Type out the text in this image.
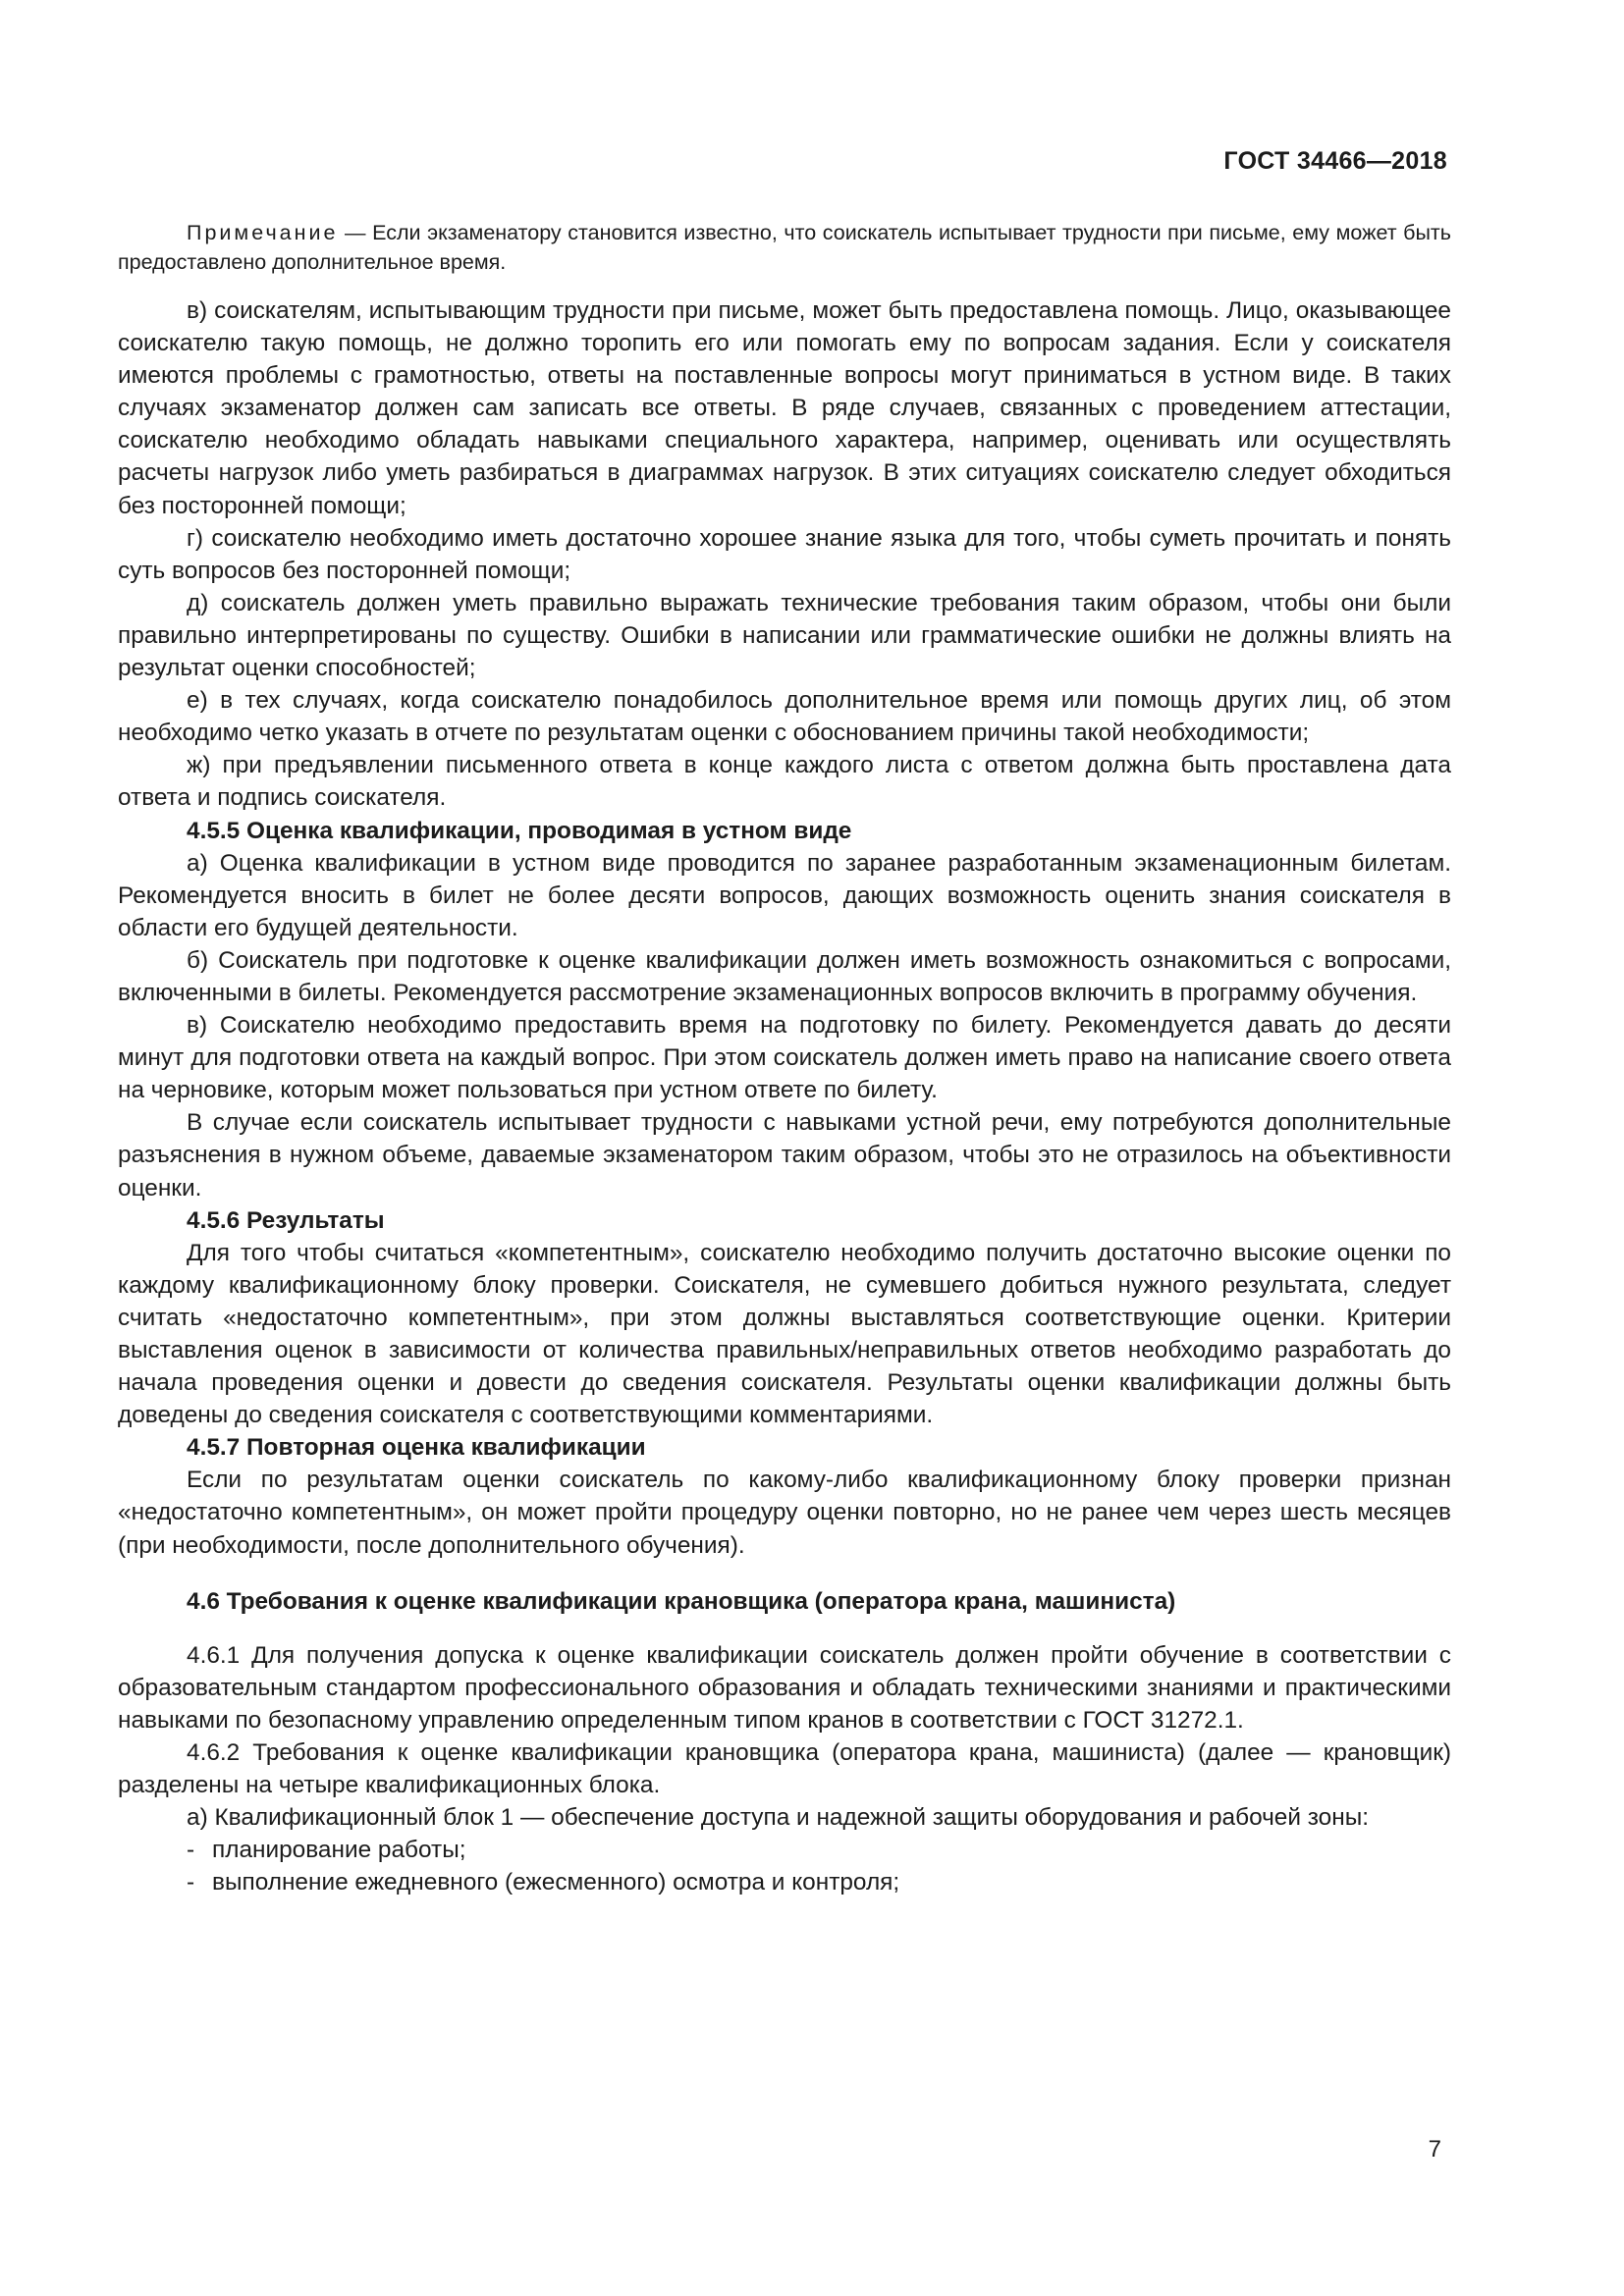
ГОСТ 34466—2018

Примечание — Если экзаменатору становится известно, что соискатель испытывает трудности при письме, ему может быть предоставлено дополнительное время.

в) соискателям, испытывающим трудности при письме, может быть предоставлена помощь. Лицо, оказывающее соискателю такую помощь, не должно торопить его или помогать ему по вопросам задания. Если у соискателя имеются проблемы с грамотностью, ответы на поставленные вопросы могут приниматься в устном виде. В таких случаях экзаменатор должен сам записать все ответы. В ряде случаев, связанных с проведением аттестации, соискателю необходимо обладать навыками специального характера, например, оценивать или осуществлять расчеты нагрузок либо уметь разбираться в диаграммах нагрузок. В этих ситуациях соискателю следует обходиться без посторонней помощи;

г) соискателю необходимо иметь достаточно хорошее знание языка для того, чтобы суметь прочитать и понять суть вопросов без посторонней помощи;

д) соискатель должен уметь правильно выражать технические требования таким образом, чтобы они были правильно интерпретированы по существу. Ошибки в написании или грамматические ошибки не должны влиять на результат оценки способностей;

е) в тех случаях, когда соискателю понадобилось дополнительное время или помощь других лиц, об этом необходимо четко указать в отчете по результатам оценки с обоснованием причины такой необходимости;

ж) при предъявлении письменного ответа в конце каждого листа с ответом должна быть проставлена дата ответа и подпись соискателя.

4.5.5 Оценка квалификации, проводимая в устном виде

а) Оценка квалификации в устном виде проводится по заранее разработанным экзаменационным билетам. Рекомендуется вносить в билет не более десяти вопросов, дающих возможность оценить знания соискателя в области его будущей деятельности.

б) Соискатель при подготовке к оценке квалификации должен иметь возможность ознакомиться с вопросами, включенными в билеты. Рекомендуется рассмотрение экзаменационных вопросов включить в программу обучения.

в) Соискателю необходимо предоставить время на подготовку по билету. Рекомендуется давать до десяти минут для подготовки ответа на каждый вопрос. При этом соискатель должен иметь право на написание своего ответа на черновике, которым может пользоваться при устном ответе по билету.

В случае если соискатель испытывает трудности с навыками устной речи, ему потребуются дополнительные разъяснения в нужном объеме, даваемые экзаменатором таким образом, чтобы это не отразилось на объективности оценки.

4.5.6 Результаты

Для того чтобы считаться «компетентным», соискателю необходимо получить достаточно высокие оценки по каждому квалификационному блоку проверки. Соискателя, не сумевшего добиться нужного результата, следует считать «недостаточно компетентным», при этом должны выставляться соответствующие оценки. Критерии выставления оценок в зависимости от количества правильных/неправильных ответов необходимо разработать до начала проведения оценки и довести до сведения соискателя. Результаты оценки квалификации должны быть доведены до сведения соискателя с соответствующими комментариями.

4.5.7 Повторная оценка квалификации

Если по результатам оценки соискатель по какому-либо квалификационному блоку проверки признан «недостаточно компетентным», он может пройти процедуру оценки повторно, но не ранее чем через шесть месяцев (при необходимости, после дополнительного обучения).

4.6 Требования к оценке квалификации крановщика (оператора крана, машиниста)

4.6.1 Для получения допуска к оценке квалификации соискатель должен пройти обучение в соответствии с образовательным стандартом профессионального образования и обладать техническими знаниями и практическими навыками по безопасному управлению определенным типом кранов в соответствии с ГОСТ 31272.1.

4.6.2 Требования к оценке квалификации крановщика (оператора крана, машиниста) (далее — крановщик) разделены на четыре квалификационных блока.

а) Квалификационный блок 1 — обеспечение доступа и надежной защиты оборудования и рабочей зоны:

- планирование работы;

- выполнение ежедневного (ежесменного) осмотра и контроля;

7
